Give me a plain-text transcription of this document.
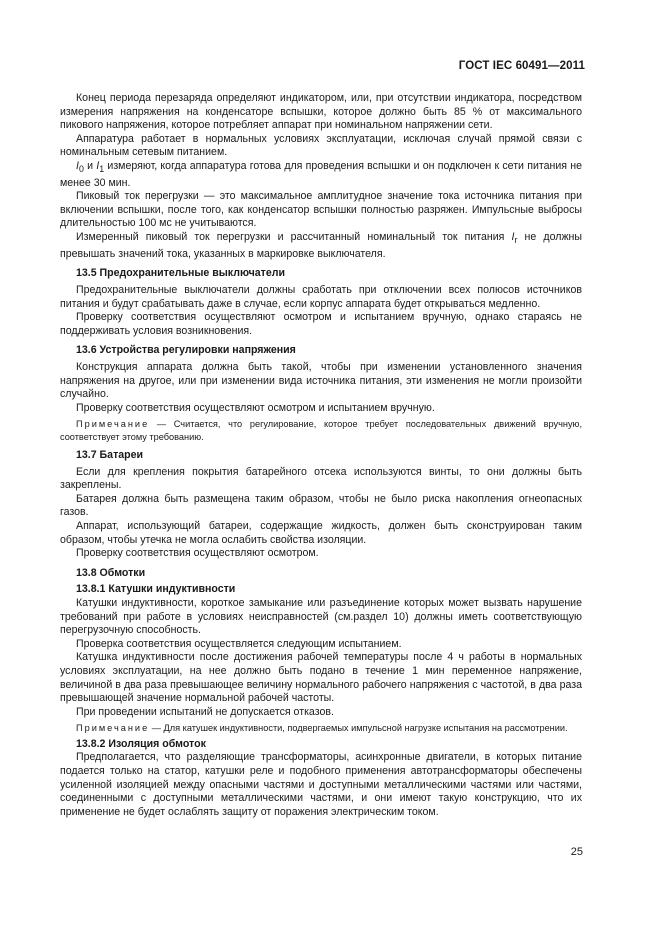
ГОСТ IEC 60491—2011

Конец периода перезаряда определяют индикатором, или, при отсутствии индикатора, посредством измерения напряжения на конденсаторе вспышки, которое должно быть 85 % от максимального пикового напряжения, которое потребляет аппарат при номинальном напряжении сети.

Аппаратура работает в нормальных условиях эксплуатации, исключая случай прямой связи с номинальным сетевым питанием.

$I_0$ и $I_1$ измеряют, когда аппаратура готова для проведения вспышки и он подключен к сети питания не менее 30 мин.

Пиковый ток перегрузки — это максимальное амплитудное значение тока источника питания при включении вспышки, после того, как конденсатор вспышки полностью разряжен. Импульсные выбросы длительностью 100 мс не учитываются.

Измеренный пиковый ток перегрузки и рассчитанный номинальный ток питания $I_r$ не должны превышать значений тока, указанных в маркировке выключателя.

13.5 Предохранительные выключатели

Предохранительные выключатели должны сработать при отключении всех полюсов источников питания и будут срабатывать даже в случае, если корпус аппарата будет открываться медленно.

Проверку соответствия осуществляют осмотром и испытанием вручную, однако стараясь не поддерживать условия возникновения.

13.6 Устройства регулировки напряжения

Конструкция аппарата должна быть такой, чтобы при изменении установленного значения напряжения на другое, или при изменении вида источника питания, эти изменения не могли произойти случайно.

Проверку соответствия осуществляют осмотром и испытанием вручную.

Примечание — Считается, что регулирование, которое требует последовательных движений вручную, соответствует этому требованию.

13.7 Батареи

Если для крепления покрытия батарейного отсека используются винты, то они должны быть закреплены.

Батарея должна быть размещена таким образом, чтобы не было риска накопления огнеопасных газов.

Аппарат, использующий батареи, содержащие жидкость, должен быть сконструирован таким образом, чтобы утечка не могла ослабить свойства изоляции.

Проверку соответствия осуществляют осмотром.

13.8 Обмотки

13.8.1 Катушки индуктивности

Катушки индуктивности, короткое замыкание или разъединение которых может вызвать нарушение требований при работе в условиях неисправностей (см.раздел 10) должны иметь соответствующую перегрузочную способность.

Проверка соответствия осуществляется следующим испытанием.

Катушка индуктивности после достижения рабочей температуры после 4 ч работы в нормальных условиях эксплуатации, на нее должно быть подано в течение 1 мин переменное напряжение, величиной в два раза превышающее величину нормального рабочего напряжения с частотой, в два раза превышающей значение нормальной рабочей частоты.

При проведении испытаний не допускается отказов.

Примечание — Для катушек индуктивности, подвергаемых импульсной нагрузке испытания на рассмотрении.

13.8.2 Изоляция обмоток

Предполагается, что разделяющие трансформаторы, асинхронные двигатели, в которых питание подается только на статор, катушки реле и подобного применения автотрансформаторы обеспечены усиленной изоляцией между опасными частями и доступными металлическими частями или частями, соединенными с доступными металлическими частями, и они имеют такую конструкцию, что их применение не будет ослаблять защиту от поражения электрическим током.

25
